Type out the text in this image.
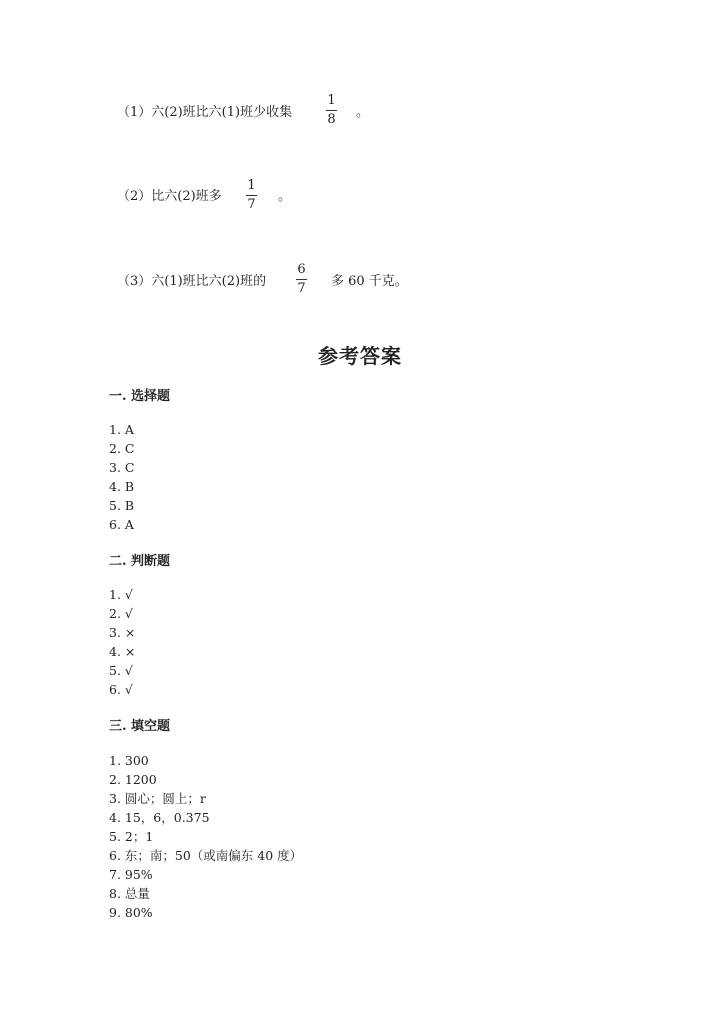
（1）六(2)班比六(1)班少收集
1
8 。
（2）比六(2)班多
1
7
。
（3）六(1)班比六(2)班的
6
7 多 60 千克。
参考答案
一. 选择题
1. A
2. C
3. C
4. B
5. B
6. A
二. 判断题
1. √
2. √
3. ×
4. ×
5. √
6. √
三. 填空题
1. 300
2. 1200
3. 圆心；圆上；r
4. 15，6，0.375
5. 2；1
6. 东；南；50（或南偏东 40 度）
7. 95%
8. 总量
9. 80%
